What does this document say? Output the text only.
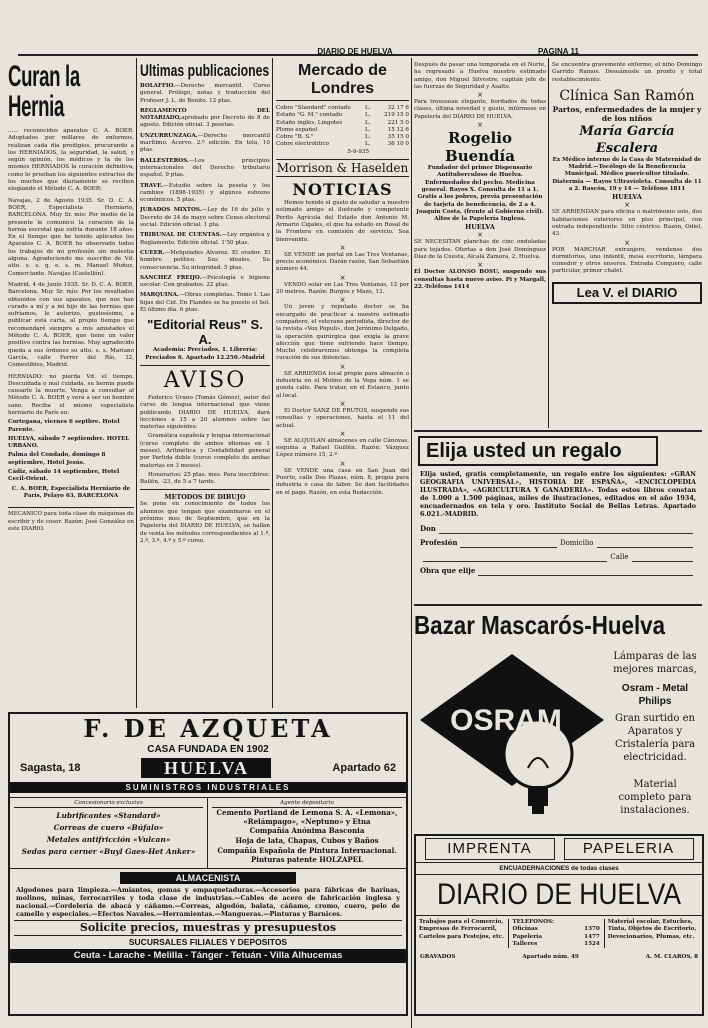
DIARIO DE HUELVA	PAGINA 11
Curan la Hernia
...... reconocidos aparatos C. A. BOER. Adoptados por millares de enfermos, realizan cada día prodigios, procurando a los HERNIADOS, la seguridad, la salud, y según opinión, los médicos y la de los mismos HERNIADOS la curación definitiva, como lo prueban los siguientes extractos de los muchos que diariamente se reciben elogiando el Método C. A. BOER:
Navajas, 2 de Agosto 1935. Sr. D. C. A. BOER, Especialista Herniario, BARCELONA. Muy Sr. mío: Por medio de la presente le comunico la curación de la hernia escrotal que sufría durante 18 años. En el tiempo que he tenido aplicados los Aparatos C. A. BOER he observado todos los trabajos de mi profesión sin molestia alguna. Agradeciendo me suscribo de Vd. atto. s. s. q. e. s. m. Manuel Muñoz, Comerciante. Navajas (Castellón).
Madrid, 4 de Junio 1935. Sr. D. C. A. BOER, Barcelona. Muy Sr. mío: Por los resultados obtenidos con sus aparatos, que nos han curado a mí y a mi hijo de las hernias que sufríamos, le autorizo, gustosísimo, a publicar esta carta, al propio tiempo que recomendaré siempre a mis amistades el Método C. A. BOER, que tiene un valor positivo contra las hernias. Muy agradecido queda a sus órdenes su atto. s. s. Mariano García, calle Ferrer del Río, 32, Comestibles, Madrid.
HERNIADO: no pierda Vd. el tiempo. Descuidada o mal cuidada, su hernia puede causarle la muerte. Venga a consultar al Método C. A. BOER y verá a ser un hombre sano. Reciba el mismo especialista herniario de París en:
Cortegana, viernes 6 septbre. Hotel Parente.
HUELVA, sábado 7 septiembre. HOTEL URBANO.
Palma del Condado, domingo 8 septiembre, Hotel Jesús.
Cádiz, sábado 14 septiembre, Hotel Cecil-Orient.
C. A. BOER, Especialista Herniario de París, Pelayo 63, BARCELONA
MECANICO para toda clase de máquinas de escribir y de coser. Razón: José González en este DIARIO.
Ultimas publicaciones
BOLAFFIO.—Derecho mercantil. Curso general. Prólogo, notas y traducción del Profesor J. L. de Benito. 12 ptas.
REGLAMENTO DEL NOTARIADO,aprobado por Decreto de 8 de agosto. Edición oficial. 3 pesetas.
UNZURRUNZAGA.—Derecho mercantil marítimo. Acervo. 2.ª edición. En tela, 10 ptas.
BALLESTEROS.—Los principios internacionales del Derecho tributario español. 9 ptas.
TRAVE.—Estudio sobre la peseta y los cambios (1898-1935) y algunos esbozos económicos. 5 ptas.
JURADOS MIXTOS.—Ley de 16 de julio y Decreto de 24 de mayo sobre Censo electoral social. Edición oficial. 1 pta.
TRIBUNAL DE CUENTAS.—Ley orgánica y Reglamento. Edición oficial. 1'50 ptas.
CUEER.—Melquiades Alvarez. El orador. El hombre político. Sus ideales. Su consecuencia. Su integridad. 5 ptas.
SANCHEZ FREIJO.—Psicología e higiene escolar. Con grabados. 22 ptas.
MARQUINA.—Obras completas. Tomo I. Las hijas del Cid. En Flandes se ha puesto el Sol. El último día. 6 ptas.
"Editorial Reus" S. A.
Academia: Preciados, 1. Librería: Preciados 6. Apartado 12.250.-Madrid
AVISO
Federico Urano (Tomás Gómez), autor del curso de lengua internacional que viene publicando DIARIO DE HUELVA, dará lecciones a 15 a 20 alumnos sobre las materias siguientes:
Gramática española y lengua internacional (curso completo de ambos idiomas en 1 meses). Aritmética y Contabilidad general por Partida doble (curso completo de ambas materias en 3 meses).
Honorarios: 25 ptas. mes. Para inscribirse: Bailén, -23, de 5 a 7 tarde.
METODOS DE DIBUJO
Se pone en conocimiento de todos los alumnos que tengan que examinarse en el próximo mes de Septiembre, que en la Papelería del DIARIO DE HUELVA, se hallan de venta los métodos correspondientes al 1.º, 2.º, 3.º, 4.º y 5.º curso.
Mercado de Londres
Cobre "Standard" contado	L.	32 17 6
Estaño "G. M." contado	L.	219 15 0
Estaño inglés, Lingotes	L.	221 5 0
Plomo español	L.	15 12 6
Cobre "B. S."	L.	35 15 0
Cobre electrolítico	L.	36 10 0
5-9-935
Morrison & Haselden
NOTICIAS
Hemos tenido el gusto de saludar a nuestro estimado amigo el ilustrado y competente Perito Agrícola del Estado don Antonio M. Armario Cigales, el que ha estado en Rosal de la Frontera en comisión de servicio. Sea bienvenido.
×
SE VENDE un portal en Las Tres Ventanas, precio económico. Darán razón, San Sebastián número 44.
×
VENDO solar en Las Tres Ventanas, 12 por 20 metros. Razón: Burgos y Mazo, 13.
×
Un joven y reputado doctor se ha encargado de practicar a nuestro estimado compañero, el veterano periodista, director de la revista «Vox Populi», don Jerónimo Delgado, la operación quirúrgica que exigía la grave afección que tiene sufriendo hace tiempo. Mucho celebraremos obtenga la completa curación de sus dolencias.
×
SE ARRIENDA local propio para almacén o industria en el Molino de la Vega núm. 1 se gunda calle. Para tratar, en el Estanco, junto al local.
×
El Doctor SANZ DE FRUTOS, suspende sus consultas y operaciones, hasta el 11 del actual.
×
SE ALQUILAN almacenes en calle Cánovas, esquina a Rafael Guillén. Razón: Vázquez López número 15, 2.º
×
SE VENDE una casa en San Juan del Puerto, calle Dos Plazas, núm. 8, propia para industria o casa de labor. Se dan facilidades en el pago. Razón, en esta Redacción.
Después de pasar una temporada en el Norte, ha regresado a Huelva nuestro estimado amigo, don Miguel Silvestre, capitán jefe de las fuerzas de Seguridad y Asalto.
×
Para trousseau elegante, bordados de todas clases, última novedad y gusto, infórmese en Papelería del DIARIO DE HUELVA.
×
Rogelio Buendía
Fundador del primer Dispensario Antituberculoso de Huelva. Enfermedades del pecho. Medicina general. Rayos X. Consulta de 11 a 1. Gratis a los pobres, previa presentación de tarjeta de beneficencia, de 2 a 4. Joaquín Costa, (frente al Gobierno civil). Altos de la Papelería Inglesa.
HUELVA
×
SE NECESITAN planchas de cinc onduladas para tejados. Ofertas a don José Domínguez Díaz de la Cuesta, Alcalá Zamora, 2, Huelva.
×
El Doctor ALONSO BOSU, suspende sus consultas hasta nuevo aviso. Pi y Margall, 22.-Teléfono 1414
Se encuentra gravemente enfermo, el niño Domingo Garrido Ramos. Deseámosle un pronto y total restablecimiento.
Clínica San Ramón
Partos, enfermedades de la mujer y de los niños
María García Escalera
Ex Médico interno de la Casa de Maternidad de Madrid.—Tocólogo de la Beneficencia Municipal. Médico puericultor titulado. Diatermia — Rayos Ultravioleta. Consulta de 11 a 2. Rascón, 19 y 14 — Teléfono 1811
HUELVA
×
SE ARRIENDAN para oficina o matrimonio solo, dos habitaciones exteriores en piso principal, con entrada independiente. Sitio céntrico. Razón, Odiel, 43.
×
POR MARCHAR extranjero, vendense dos dormitorios, uno infantil, mesa escritorio, lámpara comedor y otros enseres. Entrada Conquero, calle particular, primer chalet.
Lea V. el DIARIO
Elija usted un regalo
Elija usted, gratis completamente, un regalo entre los siguientes: «GRAN GEOGRAFIA UNIVERSAL», HISTORIA DE ESPAÑA», «ENCICLOPEDIA ILUSTRADA», «AGRICULTURA Y GANADERIA». Todas estos libros constan de 1.000 a 1.500 páginas, miles de ilustraciones, editados en el año 1934, encuadernados en tela y oro. Instituto Social de Bellas Letras. Apartado 6.021.-MADRID.
Don
Profesión	Domicilio
Calle
Obra que elije
Bazar Mascarós-Huelva
OSRAM
Lámparas de las mejores marcas,
Osram - Metal Philips
Gran surtido en Aparatos y Cristalería para electricidad.
Material completo para instalaciones.
F. DE AZQUETA
CASA FUNDADA EN 1902
Sagasta, 18	HUELVA	Apartado 62
SUMINISTROS INDUSTRIALES
Concesionario exclusivo
Lubrificantes «Standard»
Correas de cuero «Búfalo»
Metales antifricción «Vulcan»
Sedas para cerner «Buyl Gaes-Het Anker»
Agente depositario
Cemento Portland de Lemona S. A. «Lemona», «Relámpago», «Neptuno» y Etna
Compañía Anónima Basconia
Hoja de lata, Chapas, Cubos y Baños
Compañía Española de Pintura Internacional.
Pinturas patente HOLZAPEL
ALMACENISTA
Algodones para limpieza.—Amiantos, gomas y empaquetaduras.—Accesorios para fábricas de harinas, molinos, minas, ferrocarriles y toda clase de industrias.—Cables de acero de fabricación inglesa y nacional.—Cordelería de abacá y cáñamo.—Correas, algodón, balata, cáñamo, cromo, cuero, pelo de camello y especiales.—Efectos Navales.—Herramientas.—Mangueras.—Pinturas y Barnices.
Solicite precios, muestras y presupuestos
SUCURSALES FILIALES Y DEPOSITOS
Ceuta - Larache - Melilla - Tánger - Tetuán - Villa Alhucemas
IMPRENTA	PAPELERIA
ENCUADERNACIONES de todas clases
DIARIO DE HUELVA
Trabajos para el Comercio, Empresas de Ferrocarril, Cartelos para Festejos, etc.
TELEFONOS:
Oficinas	1370
Papelería	1477
Talleres	1524
Material escolar, Estuches, Tinta, Objetos de Escritorio, Devocionarios, Plumas, etc.
GRAVADOS	Apartado núm. 49	A. M. CLAROS, 8
